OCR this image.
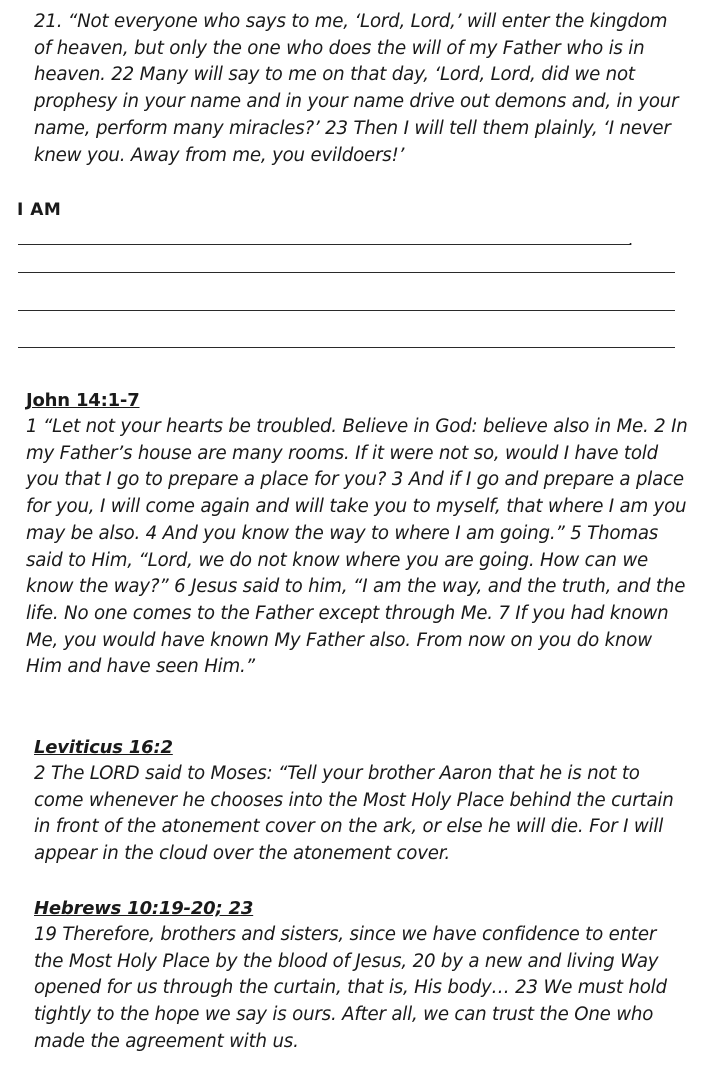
21. “Not everyone who says to me, ‘Lord, Lord,’ will enter the kingdom of heaven, but only the one who does the will of my Father who is in heaven. 22 Many will say to me on that day, ‘Lord, Lord, did we not prophesy in your name and in your name drive out demons and, in your name, perform many miracles?’ 23 Then I will tell them plainly, ‘I never knew you. Away from me, you evildoers!’

I AM

.

John 14:1-7

1 “Let not your hearts be troubled. Believe in God: believe also in Me. 2 In my Father’s house are many rooms. If it were not so, would I have told you that I go to prepare a place for you? 3 And if I go and prepare a place for you, I will come again and will take you to myself, that where I am you may be also. 4 And you know the way to where I am going.” 5 Thomas said to Him, “Lord, we do not know where you are going. How can we know the way?” 6 Jesus said to him, “I am the way, and the truth, and the life. No one comes to the Father except through Me. 7 If you had known Me, you would have known My Father also. From now on you do know Him and have seen Him.”

Leviticus 16:2

2 The LORD said to Moses: “Tell your brother Aaron that he is not to come whenever he chooses into the Most Holy Place behind the curtain in front of the atonement cover on the ark, or else he will die. For I will appear in the cloud over the atonement cover.

Hebrews 10:19-20; 23

19 Therefore, brothers and sisters, since we have confidence to enter the Most Holy Place by the blood of Jesus, 20 by a new and living Way opened for us through the curtain, that is, His body… 23 We must hold tightly to the hope we say is ours. After all, we can trust the One who made the agreement with us.
